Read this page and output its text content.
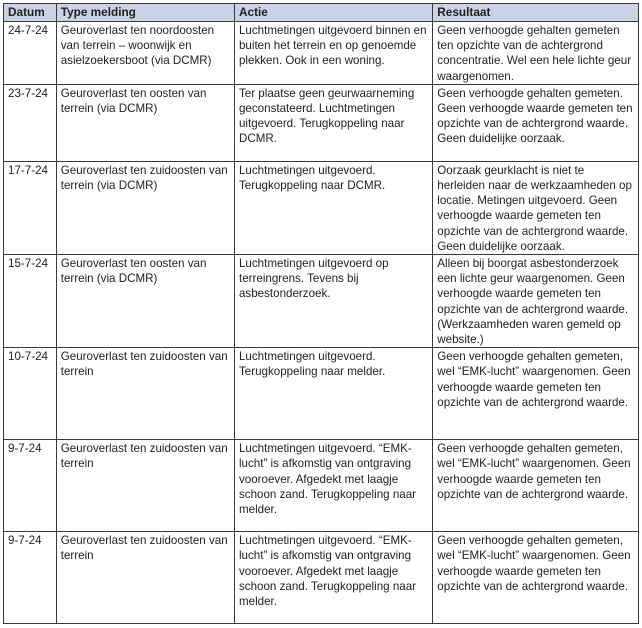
Datum	Type melding	Actie	Resultaat
24-7-24	Geuroverlast ten noordoosten van terrein – woonwijk en asielzoekersboot (via DCMR)	Luchtmetingen uitgevoerd binnen en buiten het terrein en op genoemde plekken. Ook in een woning.	Geen verhoogde gehalten gemeten ten opzichte van de achtergrond concentratie. Wel een hele lichte geur waargenomen.
23-7-24	Geuroverlast ten oosten van terrein (via DCMR)	Ter plaatse geen geurwaarneming geconstateerd. Luchtmetingen uitgevoerd. Terugkoppeling naar DCMR.	Geen verhoogde gehalten gemeten. Geen verhoogde waarde gemeten ten opzichte van de achtergrond waarde. Geen duidelijke oorzaak.
17-7-24	Geuroverlast ten zuidoosten van terrein (via DCMR)	Luchtmetingen uitgevoerd. Terugkoppeling naar DCMR.	Oorzaak geurklacht is niet te herleiden naar de werkzaamheden op locatie. Metingen uitgevoerd. Geen verhoogde waarde gemeten ten opzichte van de achtergrond waarde. Geen duidelijke oorzaak.
15-7-24	Geuroverlast ten oosten van terrein (via DCMR)	Luchtmetingen uitgevoerd op terreingrens. Tevens bij asbestonderzoek.	Alleen bij boorgat asbestonderzoek een lichte geur waargenomen. Geen verhoogde waarde gemeten ten opzichte van de achtergrond waarde. (Werkzaamheden waren gemeld op website.)
10-7-24	Geuroverlast ten zuidoosten van terrein	Luchtmetingen uitgevoerd. Terugkoppeling naar melder.	Geen verhoogde gehalten gemeten, wel “EMK-lucht” waargenomen. Geen verhoogde waarde gemeten ten opzichte van de achtergrond waarde.
9-7-24	Geuroverlast ten zuidoosten van terrein	Luchtmetingen uitgevoerd. “EMK-lucht” is afkomstig van ontgraving vooroever. Afgedekt met laagje schoon zand. Terugkoppeling naar melder.	Geen verhoogde gehalten gemeten, wel “EMK-lucht” waargenomen. Geen verhoogde waarde gemeten ten opzichte van de achtergrond waarde.
9-7-24	Geuroverlast ten zuidoosten van terrein	Luchtmetingen uitgevoerd. “EMK-lucht” is afkomstig van ontgraving vooroever. Afgedekt met laagje schoon zand. Terugkoppeling naar melder.	Geen verhoogde gehalten gemeten, wel “EMK-lucht” waargenomen. Geen verhoogde waarde gemeten ten opzichte van de achtergrond waarde.
